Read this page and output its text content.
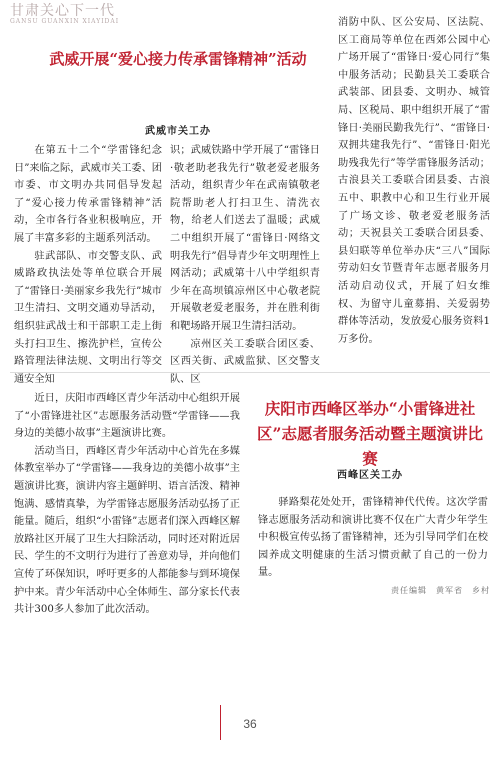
甘肃关心下一代
GANSU GUANXIN XIAYIDAI
武威开展“爱心接力传承雷锋精神”活动
武威市关工办

在第五十二个“学雷锋纪念日”来临之际，武威市关工委、团市委、市文明办共同倡导发起了“爱心接力传承雷锋精神”活动，全市各行各业积极响应，开展了丰富多彩的主题系列活动。

驻武部队、市交警支队、武威路政执法处等单位联合开展了“雷锋日·美丽家乡我先行”城市卫生清扫、文明交通劝导活动，组织驻武战士和干部职工走上街头打扫卫生、擦洗护栏，宣传公路管理法律法规、文明出行等交通安全知

识；武威铁路中学开展了“雷锋日·敬老助老我先行”敬老爱老服务活动，组织青少年在武南镇敬老院帮助老人打扫卫生、清洗衣物，给老人们送去了温暖；武威二中组织开展了“雷锋日·网络文明我先行”倡导青少年文明理性上网活动；武威第十八中学组织青少年在高坝镇凉州区中心敬老院开展敬老爱老服务，并在胜利街和靶场路开展卫生清扫活动。

凉州区关工委联合团区委、区西关街、武威监狱、区交警支队、区

消防中队、区公安局、区法院、区工商局等单位在西郊公园中心广场开展了“雷锋日·爱心同行”集中服务活动；民勤县关工委联合武装部、团县委、文明办、城管局、区税局、职中组织开展了“雷锋日·美丽民勤我先行”、“雷锋日·双拥共建我先行”、“雷锋日·阳光助残我先行”等学雷锋服务活动；古浪县关工委联合团县委、古浪五中、职教中心和卫生行业开展了广场文诊、敬老爱老服务活动；天祝县关工委联合团县委、县妇联等单位举办庆“三八”国际劳动妇女节暨青年志愿者服务月活动启动仪式，开展了妇女维权、为留守儿童募捐、关爱弱势群体等活动，发放爱心服务资料1万多份。

近日，庆阳市西峰区青少年活动中心组织开展了“小雷锋进社区”志愿服务活动暨“学雷锋——我身边的美德小故事”主题演讲比赛。

活动当日，西峰区青少年活动中心首先在多媒体教室举办了“学雷锋——我身边的美德小故事”主题演讲比赛，演讲内容主题鲜明、语言活泼、精神饱满、感情真挚，为学雷锋志愿服务活动弘扬了正能量。随后，组织“小雷锋”志愿者们深入西峰区解放路社区开展了卫生大扫除活动，同时还对附近居民、学生的不文明行为进行了善意劝导，并向他们宣传了环保知识，呼吁更多的人都能参与到环境保护中来。青少年活动中心全体师生、部分家长代表共计300多人参加了此次活动。

庆阳市西峰区举办“小雷锋进社区”志愿者服务活动暨主题演讲比赛
西峰区关工办

驿路梨花处处开，雷锋精神代代传。这次学雷锋志愿服务活动和演讲比赛不仅在广大青少年学生中积极宣传弘扬了雷锋精神，还为引导同学们在校园养成文明健康的生活习惯贡献了自己的一份力量。

责任编辑　黄军省　乡村
36
